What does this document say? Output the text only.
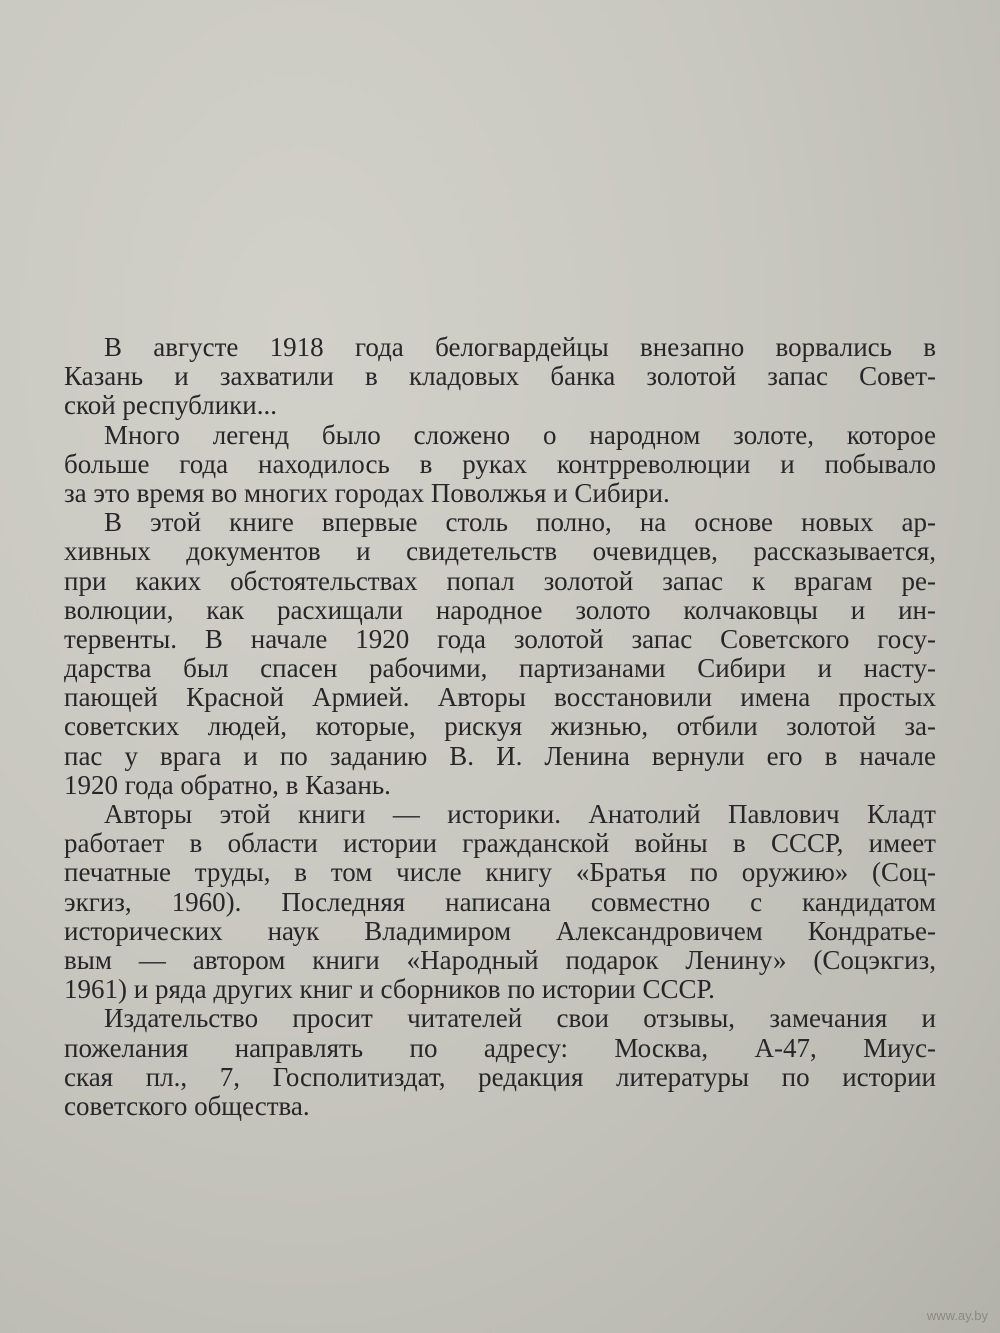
В августе 1918 года белогвардейцы внезапно ворвались в
Казань и захватили в кладовых банка золотой запас Совет-
ской республики...
Много легенд было сложено о народном золоте, которое
больше года находилось в руках контрреволюции и побывало
за это время во многих городах Поволжья и Сибири.
В этой книге впервые столь полно, на основе новых ар-
хивных документов и свидетельств очевидцев, рассказывается,
при каких обстоятельствах попал золотой запас к врагам ре-
волюции, как расхищали народное золото колчаковцы и ин-
тервенты. В начале 1920 года золотой запас Советского госу-
дарства был спасен рабочими, партизанами Сибири и насту-
пающей Красной Армией. Авторы восстановили имена простых
советских людей, которые, рискуя жизнью, отбили золотой за-
пас у врага и по заданию В. И. Ленина вернули его в начале
1920 года обратно, в Казань.
Авторы этой книги — историки. Анатолий Павлович Кладт
работает в области истории гражданской войны в СССР, имеет
печатные труды, в том числе книгу «Братья по оружию» (Соц-
экгиз, 1960). Последняя написана совместно с кандидатом
исторических наук Владимиром Александровичем Кондратье-
вым — автором книги «Народный подарок Ленину» (Соцэкгиз,
1961) и ряда других книг и сборников по истории СССР.
Издательство просит читателей свои отзывы, замечания и
пожелания направлять по адресу: Москва, А-47, Миус-
ская пл., 7, Госполитиздат, редакция литературы по истории
советского общества.
www.ay.by
